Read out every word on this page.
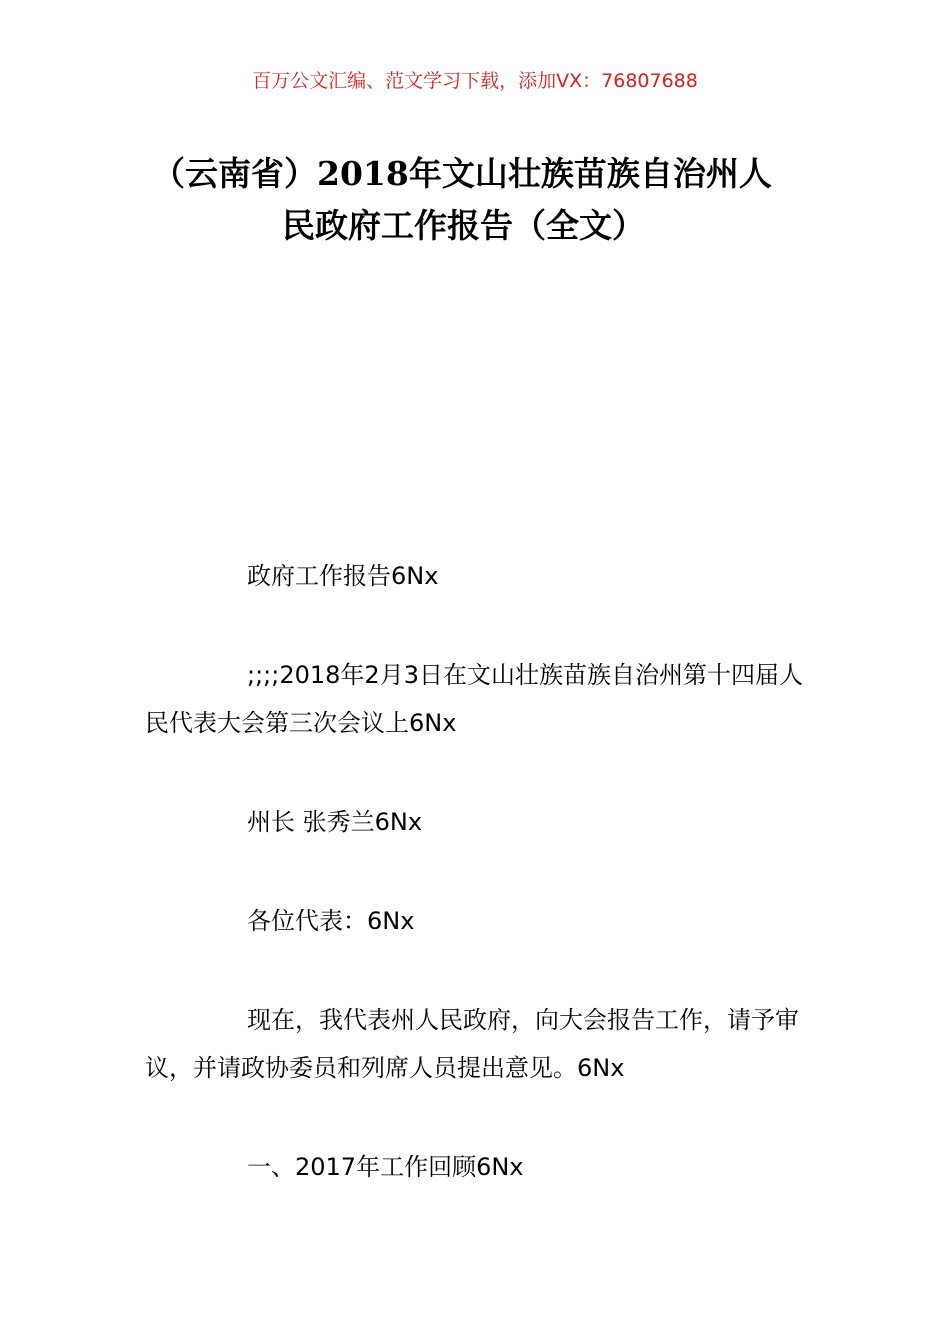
百万公文汇编、范文学习下载，添加VX：76807688
（云南省）2018年文山壮族苗族自治州人
民政府工作报告（全文）

政府工作报告6Nx

;;;;2018年2月3日在文山壮族苗族自治州第十四届人民代表大会第三次会议上6Nx

州长 张秀兰6Nx

各位代表：6Nx

现在，我代表州人民政府，向大会报告工作，请予审议，并请政协委员和列席人员提出意见。6Nx

一、2017年工作回顾6Nx
